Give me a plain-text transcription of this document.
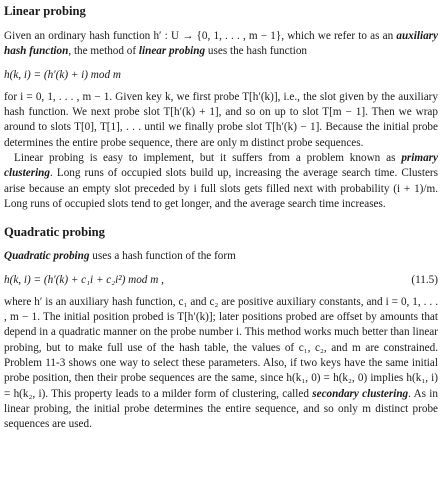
Linear probing

Given an ordinary hash function h′ : U → {0, 1, . . . , m − 1}, which we refer to as an auxiliary hash function, the method of linear probing uses the hash function

h(k, i) = (h′(k) + i) mod m

for i = 0, 1, . . . , m − 1. Given key k, we first probe T[h′(k)], i.e., the slot given by the auxiliary hash function. We next probe slot T[h′(k) + 1], and so on up to slot T[m − 1]. Then we wrap around to slots T[0], T[1], . . . until we finally probe slot T[h′(k) − 1]. Because the initial probe determines the entire probe sequence, there are only m distinct probe sequences.

Linear probing is easy to implement, but it suffers from a problem known as primary clustering. Long runs of occupied slots build up, increasing the average search time. Clusters arise because an empty slot preceded by i full slots gets filled next with probability (i + 1)/m. Long runs of occupied slots tend to get longer, and the average search time increases.

Quadratic probing

Quadratic probing uses a hash function of the form

h(k, i) = (h′(k) + c₁i + c₂i²) mod m ,	(11.5)

where h′ is an auxiliary hash function, c₁ and c₂ are positive auxiliary constants, and i = 0, 1, . . . , m − 1. The initial position probed is T[h′(k)]; later positions probed are offset by amounts that depend in a quadratic manner on the probe number i. This method works much better than linear probing, but to make full use of the hash table, the values of c₁, c₂, and m are constrained. Problem 11-3 shows one way to select these parameters. Also, if two keys have the same initial probe position, then their probe sequences are the same, since h(k₁, 0) = h(k₂, 0) implies h(k₁, i) = h(k₂, i). This property leads to a milder form of clustering, called secondary clustering. As in linear probing, the initial probe determines the entire sequence, and so only m distinct probe sequences are used.
